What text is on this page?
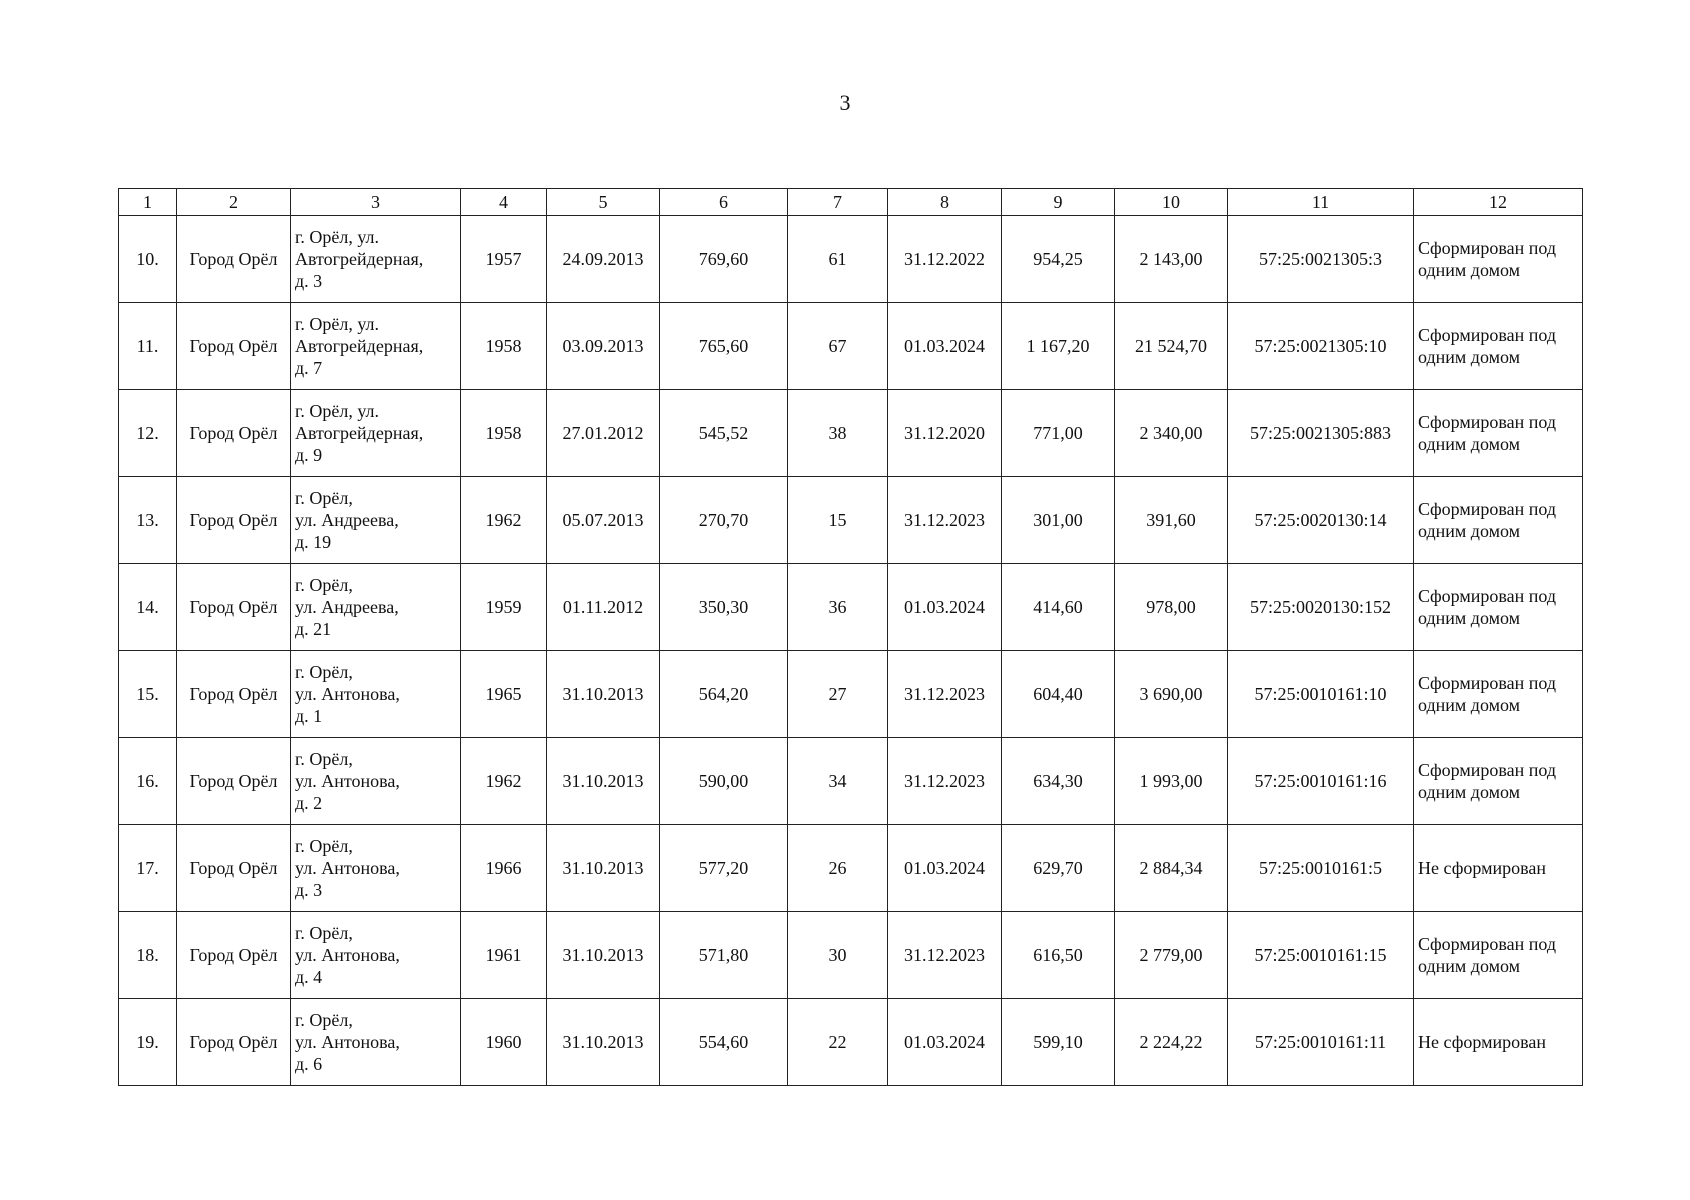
3
1	2	3	4	5	6	7	8	9	10	11	12
10.	Город Орёл	г. Орёл, ул.
Автогрейдерная,
д. 3	1957	24.09.2013	769,60	61	31.12.2022	954,25	2 143,00	57:25:0021305:3	Сформирован под одним домом
11.	Город Орёл	г. Орёл, ул.
Автогрейдерная,
д. 7	1958	03.09.2013	765,60	67	01.03.2024	1 167,20	21 524,70	57:25:0021305:10	Сформирован под одним домом
12.	Город Орёл	г. Орёл, ул.
Автогрейдерная,
д. 9	1958	27.01.2012	545,52	38	31.12.2020	771,00	2 340,00	57:25:0021305:883	Сформирован под одним домом
13.	Город Орёл	г. Орёл,
ул. Андреева,
д. 19	1962	05.07.2013	270,70	15	31.12.2023	301,00	391,60	57:25:0020130:14	Сформирован под одним домом
14.	Город Орёл	г. Орёл,
ул. Андреева,
д. 21	1959	01.11.2012	350,30	36	01.03.2024	414,60	978,00	57:25:0020130:152	Сформирован под одним домом
15.	Город Орёл	г. Орёл,
ул. Антонова,
д. 1	1965	31.10.2013	564,20	27	31.12.2023	604,40	3 690,00	57:25:0010161:10	Сформирован под одним домом
16.	Город Орёл	г. Орёл,
ул. Антонова,
д. 2	1962	31.10.2013	590,00	34	31.12.2023	634,30	1 993,00	57:25:0010161:16	Сформирован под одним домом
17.	Город Орёл	г. Орёл,
ул. Антонова,
д. 3	1966	31.10.2013	577,20	26	01.03.2024	629,70	2 884,34	57:25:0010161:5	Не сформирован
18.	Город Орёл	г. Орёл,
ул. Антонова,
д. 4	1961	31.10.2013	571,80	30	31.12.2023	616,50	2 779,00	57:25:0010161:15	Сформирован под одним домом
19.	Город Орёл	г. Орёл,
ул. Антонова,
д. 6	1960	31.10.2013	554,60	22	01.03.2024	599,10	2 224,22	57:25:0010161:11	Не сформирован
